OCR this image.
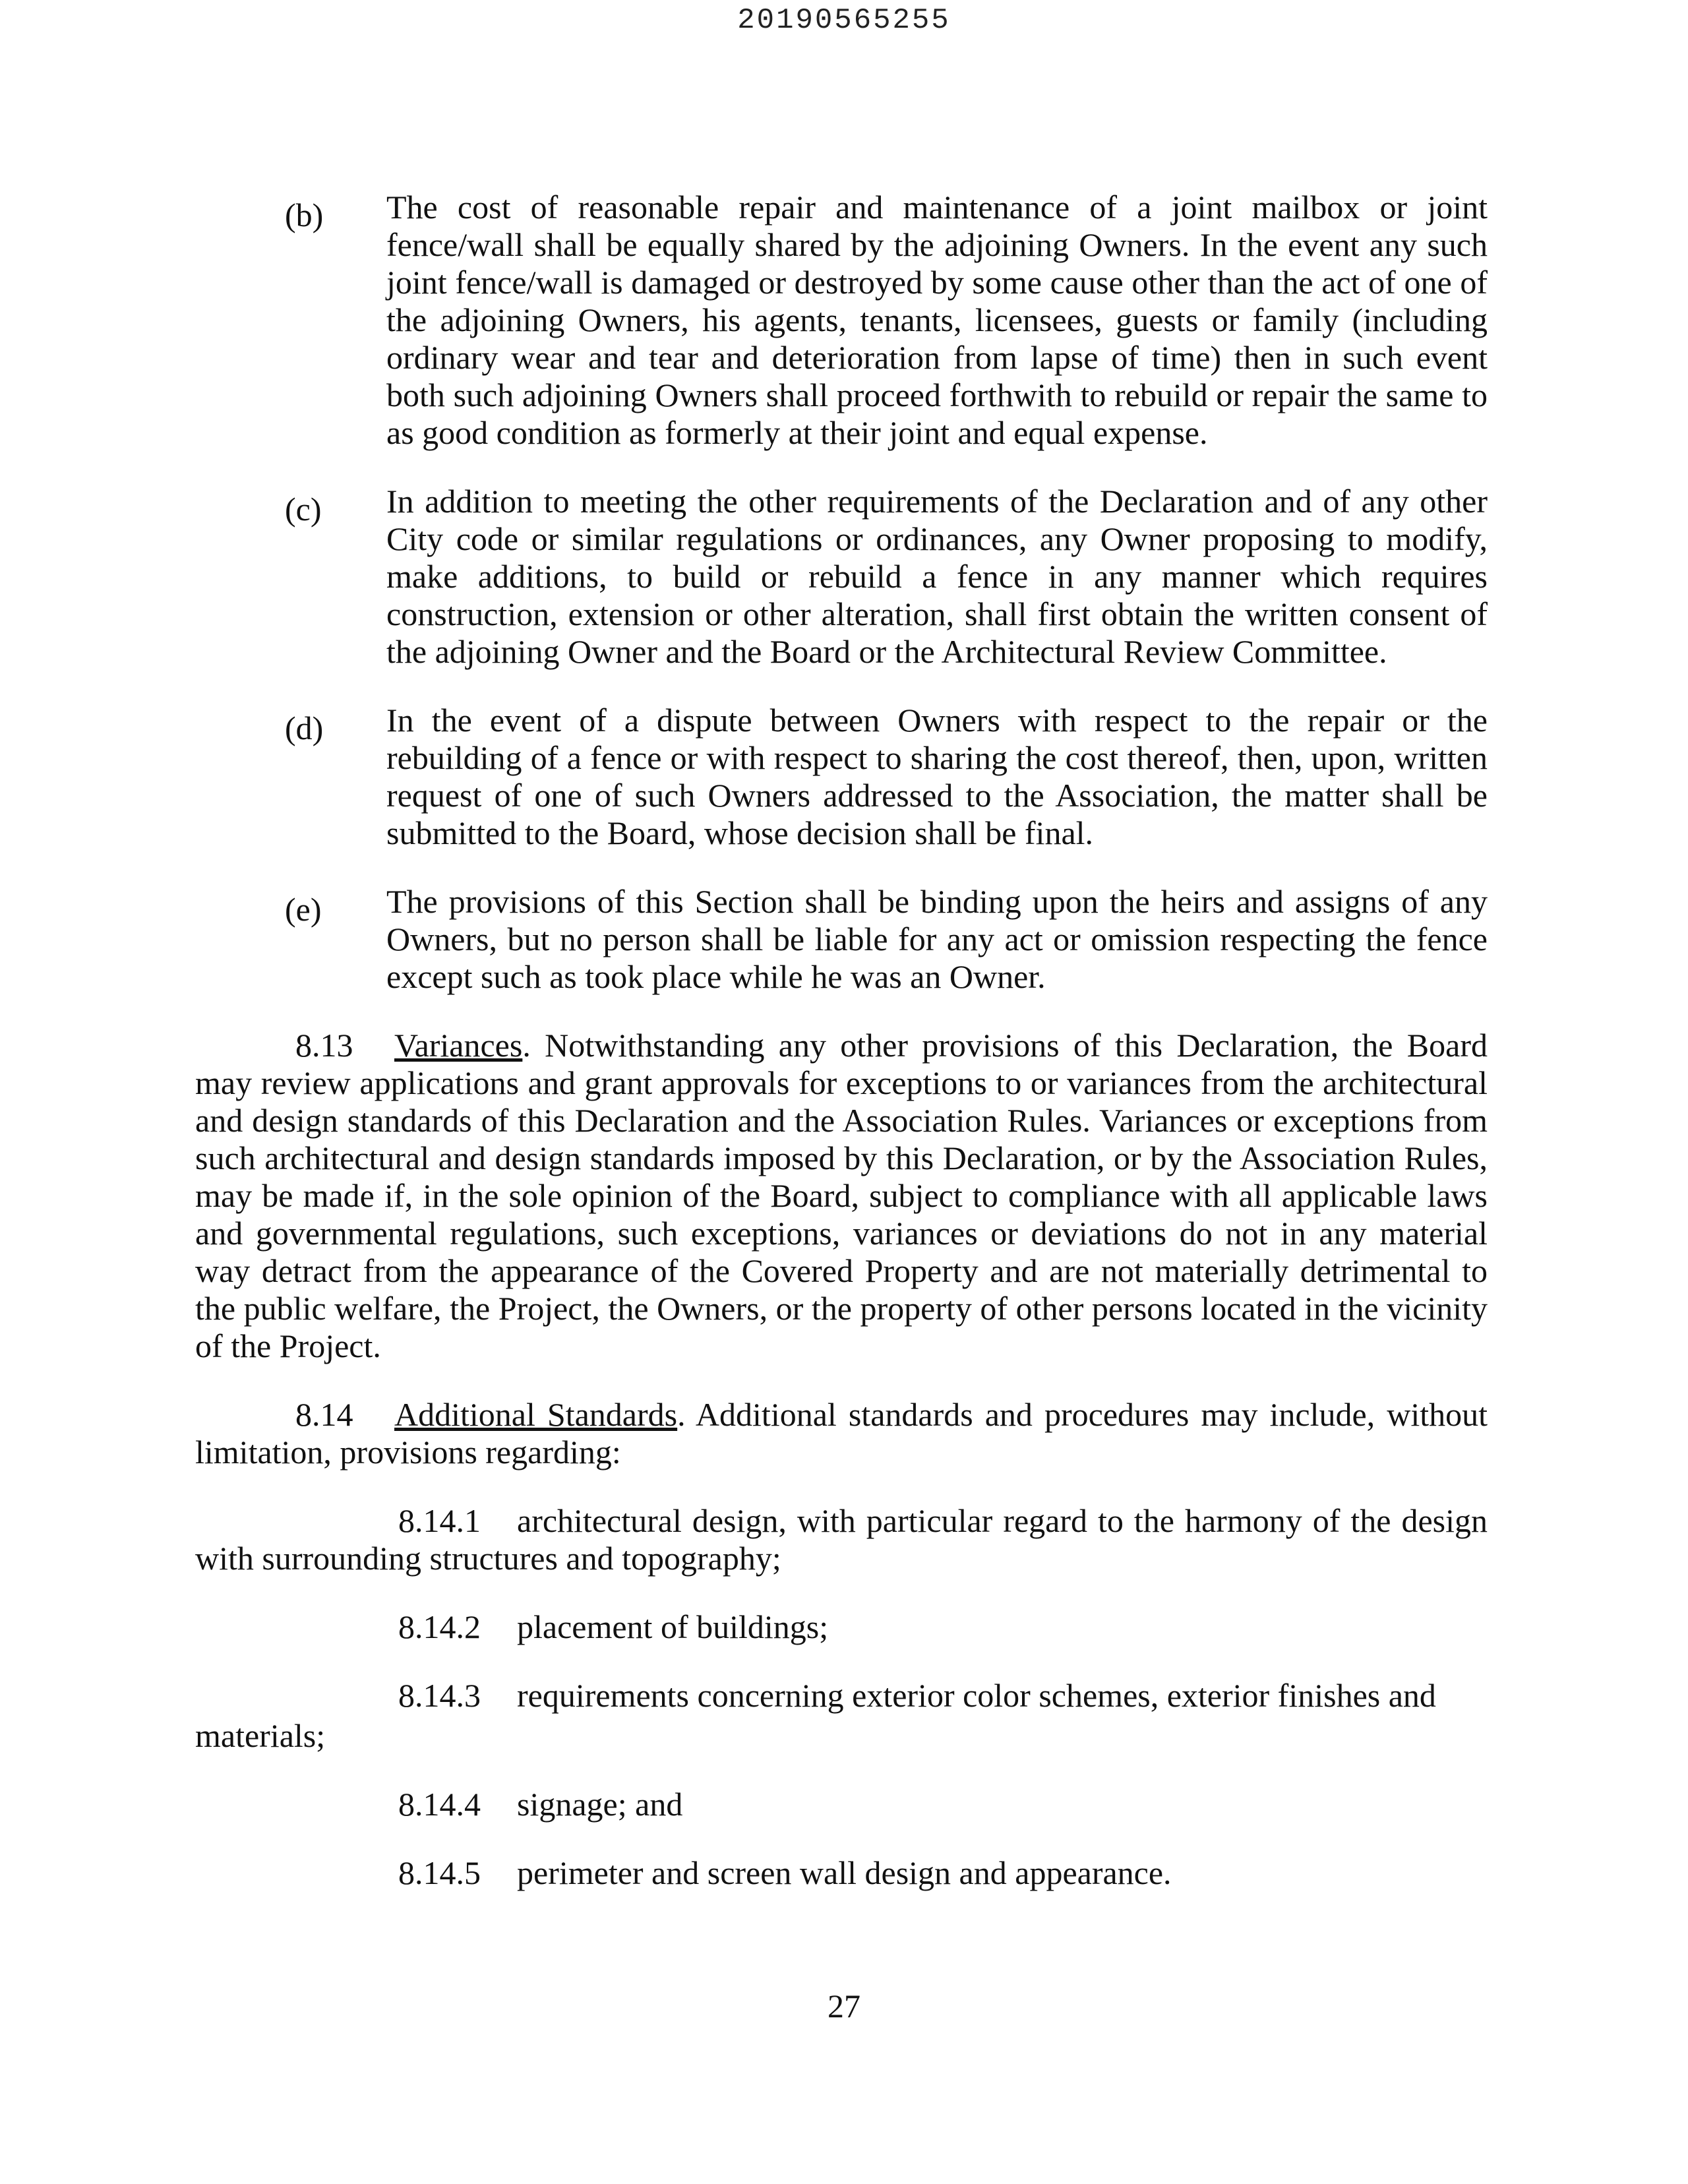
20190565255
(b)	The cost of reasonable repair and maintenance of a joint mailbox or joint fence/wall shall be equally shared by the adjoining Owners. In the event any such joint fence/wall is damaged or destroyed by some cause other than the act of one of the adjoining Owners, his agents, tenants, licensees, guests or family (including ordinary wear and tear and deterioration from lapse of time) then in such event both such adjoining Owners shall proceed forthwith to rebuild or repair the same to as good condition as formerly at their joint and equal expense.
(c)	In addition to meeting the other requirements of the Declaration and of any other City code or similar regulations or ordinances, any Owner proposing to modify, make additions, to build or rebuild a fence in any manner which requires construction, extension or other alteration, shall first obtain the written consent of the adjoining Owner and the Board or the Architectural Review Committee.
(d)	In the event of a dispute between Owners with respect to the repair or the rebuilding of a fence or with respect to sharing the cost thereof, then, upon, written request of one of such Owners addressed to the Association, the matter shall be submitted to the Board, whose decision shall be final.
(e)	The provisions of this Section shall be binding upon the heirs and assigns of any Owners, but no person shall be liable for any act or omission respecting the fence except such as took place while he was an Owner.
8.13 Variances. Notwithstanding any other provisions of this Declaration, the Board may review applications and grant approvals for exceptions to or variances from the architectural and design standards of this Declaration and the Association Rules. Variances or exceptions from such architectural and design standards imposed by this Declaration, or by the Association Rules, may be made if, in the sole opinion of the Board, subject to compliance with all applicable laws and governmental regulations, such exceptions, variances or deviations do not in any material way detract from the appearance of the Covered Property and are not materially detrimental to the public welfare, the Project, the Owners, or the property of other persons located in the vicinity of the Project.
8.14 Additional Standards. Additional standards and procedures may include, without limitation, provisions regarding:
8.14.1 architectural design, with particular regard to the harmony of the design with surrounding structures and topography;
8.14.2 placement of buildings;
8.14.3 requirements concerning exterior color schemes, exterior finishes and
materials;
8.14.4 signage; and
8.14.5 perimeter and screen wall design and appearance.
27
